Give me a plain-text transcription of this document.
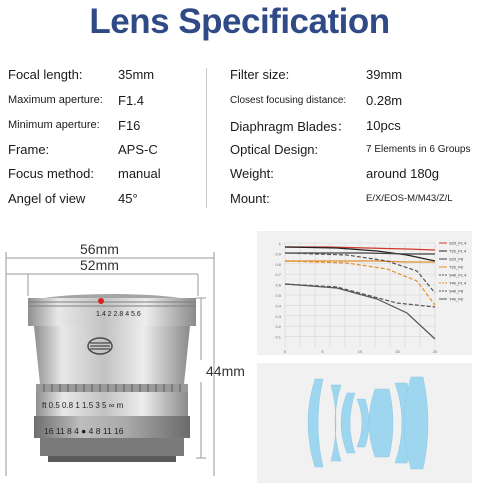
Lens Specification
Focal length:	35mm
Maximum aperture: F1.4
Minimum aperture: F16
Frame:	APS-C
Focus method: manual
Angel of view	45°
Filter size:	39mm
Closest focusing distance: 0.28m
Diaphragm Blades： 10pcs
Optical Design:	7 Elements in 6 Groups
Weight:	around 180g
Mount:	E/X/EOS-M/M43/Z/L
56mm
52mm
44mm
1.4 2 2.8 4 5.6
ft 0.5 0.8 1 1.5 3 5 ∞ m
16 11 8 4 ● 4 8 11 16
1
0.9
0.8
0.7
0.6
0.5
0.4
0.3
0.2
0.1
0	5	10	15	20
S20_F1.4
T20_F1.4
S20_F8
T20_F8
S40_F1.4
T40_F1.4
S40_F8
T40_F8
